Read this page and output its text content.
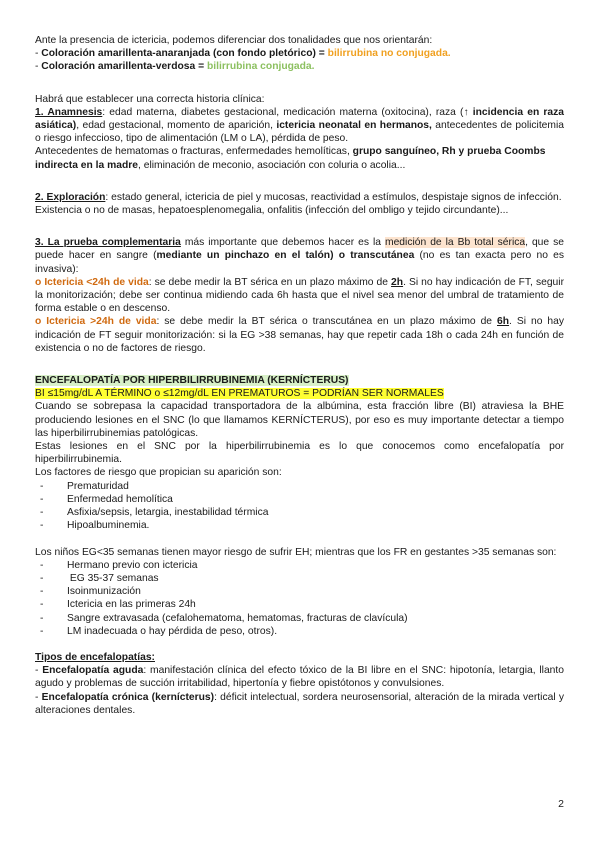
Ante la presencia de ictericia, podemos diferenciar dos tonalidades que nos orientarán:

- Coloración amarillenta-anaranjada (con fondo pletórico) = bilirrubina no conjugada.

- Coloración amarillenta-verdosa = bilirrubina conjugada.

Habrá que establecer una correcta historia clínica:

1. Anamnesis: edad materna, diabetes gestacional, medicación materna (oxitocina), raza (↑ incidencia en raza asiática), edad gestacional, momento de aparición, ictericia neonatal en hermanos, antecedentes de policitemia o riesgo infeccioso, tipo de alimentación (LM o LA), pérdida de peso.

Antecedentes de hematomas o fracturas, enfermedades hemolíticas, grupo sanguíneo, Rh y prueba Coombs indirecta en la madre, eliminación de meconio, asociación con coluria o acolia...

2. Exploración: estado general, ictericia de piel y mucosas, reactividad a estímulos, despistaje signos de infección. Existencia o no de masas, hepatoesplenomegalia, onfalitis (infección del ombligo y tejido circundante)...

3. La prueba complementaria más importante que debemos hacer es la medición de la Bb total sérica, que se puede hacer en sangre (mediante un pinchazo en el talón) o transcutánea (no es tan exacta pero no es invasiva):

o Ictericia <24h de vida: se debe medir la BT sérica en un plazo máximo de 2h. Si no hay indicación de FT, seguir la monitorización; debe ser continua midiendo cada 6h hasta que el nivel sea menor del umbral de tratamiento de forma estable o en descenso.

o Ictericia >24h de vida: se debe medir la BT sérica o transcutánea en un plazo máximo de 6h. Si no hay indicación de FT seguir monitorización: si la EG >38 semanas, hay que repetir cada 18h o cada 24h en función de existencia o no de factores de riesgo.

ENCEFALOPATÍA POR HIPERBILIRRUBINEMIA (KERNÍCTERUS)

BI ≤15mg/dL A TÉRMINO o ≤12mg/dL EN PREMATUROS = PODRÍAN SER NORMALES

Cuando se sobrepasa la capacidad transportadora de la albúmina, esta fracción libre (BI) atraviesa la BHE produciendo lesiones en el SNC (lo que llamamos KERNÍCTERUS), por eso es muy importante detectar a tiempo las hiperbilirrubinemias patológicas.

Estas lesiones en el SNC por la hiperbilirrubinemia es lo que conocemos como encefalopatía por hiperbilirrubinemia.

Los factores de riesgo que propician su aparición son:

- Prematuridad
- Enfermedad hemolítica
- Asfixia/sepsis, letargia, inestabilidad térmica
- Hipoalbuminemia.

Los niños EG<35 semanas tienen mayor riesgo de sufrir EH; mientras que los FR en gestantes >35 semanas son:

- Hermano previo con ictericia
-  EG 35-37 semanas
- Isoinmunización
- Ictericia en las primeras 24h
- Sangre extravasada (cefalohematoma, hematomas, fracturas de clavícula)
- LM inadecuada o hay pérdida de peso, otros).

Tipos de encefalopatías:

- Encefalopatía aguda: manifestación clínica del efecto tóxico de la BI libre en el SNC: hipotonía, letargia, llanto agudo y problemas de succión irritabilidad, hipertonía y fiebre opistótonos y convulsiones.

- Encefalopatía crónica (kernícterus): déficit intelectual, sordera neurosensorial, alteración de la mirada vertical y alteraciones dentales.

2
